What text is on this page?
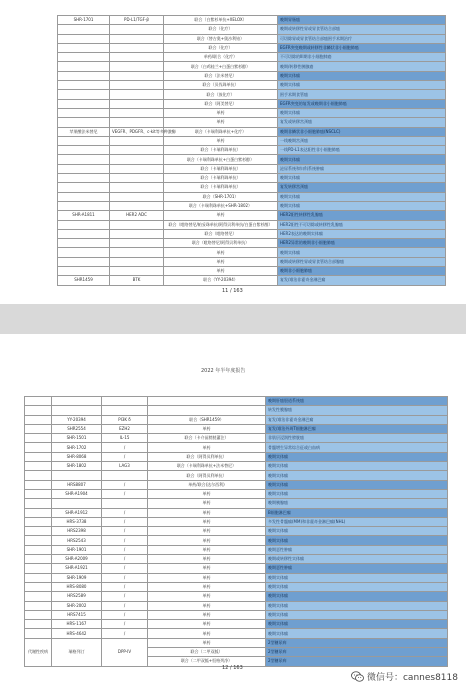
SHR-1701	PD-L1/TGF-β	联合（白紫杉单抗+XELOX）	晚期胃肠癌
		联合（化疗）	晚期或转移性胃或胃食管结合部癌
		联合（替吉奥+奥沙利铂）	可切除胃或胃食管结合部癌围手术期治疗
		联合（化疗）	EGFR突变晚期或转移性非鳞状非小细胞肺癌
		单药/联合（化疗）	不可切除的III期非小细胞肺癌
		联合（白鸡桂兰+白蛋白紫杉醇）	晚期/转移性胰腺癌
		联合（法米替尼）	晚期实体瘤
		联合（贝伐珠单抗）	晚期实体瘤
		联合（放化疗）	围手术期食管癌
		联合（阿美替尼）	EGFR突变的复发或晚期非小细胞肺癌
		单药	晚期实体瘤
		单药	复发或转移宫颈癌
苹果酸法米替尼	VEGFR、PDGFR、c-kit等多种激酶	联合（卡瑞利珠单抗+化疗）	晚期非鳞状非小细胞肺癌(NSCLC)
		单药	一线晚期宫颈癌
		联合（卡瑞利珠单抗）	一线PD-L1表达阳性非小细胞肺癌
		联合（卡瑞利珠单抗+白蛋白紫杉醇）	晚期实体瘤
		联合（卡瑞利珠单抗）	泌尿系统和妇科系统肿瘤
		联合（卡瑞利珠单抗）	晚期实体瘤
		联合（卡瑞利珠单抗）	复发转移宫颈癌
		联合（SHR-1701）	晚期实体瘤
		联合（卡瑞利珠单抗+SHR-1802）	晚期实体瘤
SHR-A1811	HER2 ADC	单药	HER2阳性转移性乳腺癌
		联合（吡咯替尼/帕妥珠单抗/阿得贝利单抗/白蛋白紫杉醇）	HER2阳性不可切除或转移性乳腺癌
		联合（吡咯替尼）	HER2表达的晚期实体瘤
		联合（吡咯替尼/阿得贝利单抗）	HER2异常的晚期非小细胞肺癌
		单药	晚期实体瘤
		单药	晚期或转移性胃或胃食管结合部腺癌
		单药	晚期非小细胞肺癌
SHR1459	BTK	联合（YY-20394）	复发/难治非霍奇金淋巴瘤
11 / 163
2022 年半年度报告
				晚期肝癌胆道系统癌
				转发性膜腺癌
	YY-20394	PI3K δ	联合（SHR1459）	复发/难治非霍奇金淋巴瘤
	SHR2554	EZH2	单药	复发/难治外周T细胞淋巴瘤
	SHR-1501	IL-15	联合（卡介苗膀胱灌注）	非肌层浸润性膀胱癌
	SHR-1702	/	单药	骨髓增生异常综合征或白血病
	SHR-8068	/	联合（阿得贝利单抗）	晚期实体瘤
	SHR-1802	LAG3	联合（卡瑞利珠单抗+法米替尼）	晚期实体瘤
			联合（阿得贝利单抗）	晚期实体瘤
	HRS8807	/	单药/联合(达尔西利)	晚期实体瘤
	SHR-A1904	/	单药	晚期实体瘤
			单药	晚期胰腺癌
	SHR-A1912	/	单药	B细胞淋巴瘤
	HRS-3738	/	单药	多发性骨髓瘤(MM)和非霍奇金淋巴瘤(NHL)
	HRS2398	/	单药	晚期实体瘤
	HRS2543	/	单药	晚期实体瘤
	SHR-1901	/	单药	晚期恶性肿瘤
	SHR-A2009	/	单药	晚期或转移性实体瘤
	SHR-A1921	/	单药	晚期恶性肿瘤
	SHR-1909	/	单药	晚期实体瘤
	HRS-8080	/	单药	晚期实体瘤
	HRS2589	/	单药	晚期实体瘤
	SHR-2002	/	单药	晚期实体瘤
	HRS7415	/	单药	晚期实体瘤
	HRS-1167	/	单药	晚期实体瘤
	HRS-4642	/	单药	晚期实体瘤
代谢性疾病	瑞格列汀	DPP-IV	单药	2型糖尿病
			联合（二甲双胍）	2型糖尿病
			联合（二甲双胍+恒格列净）	2型糖尿病
12 / 163
微信号：cannes8118
